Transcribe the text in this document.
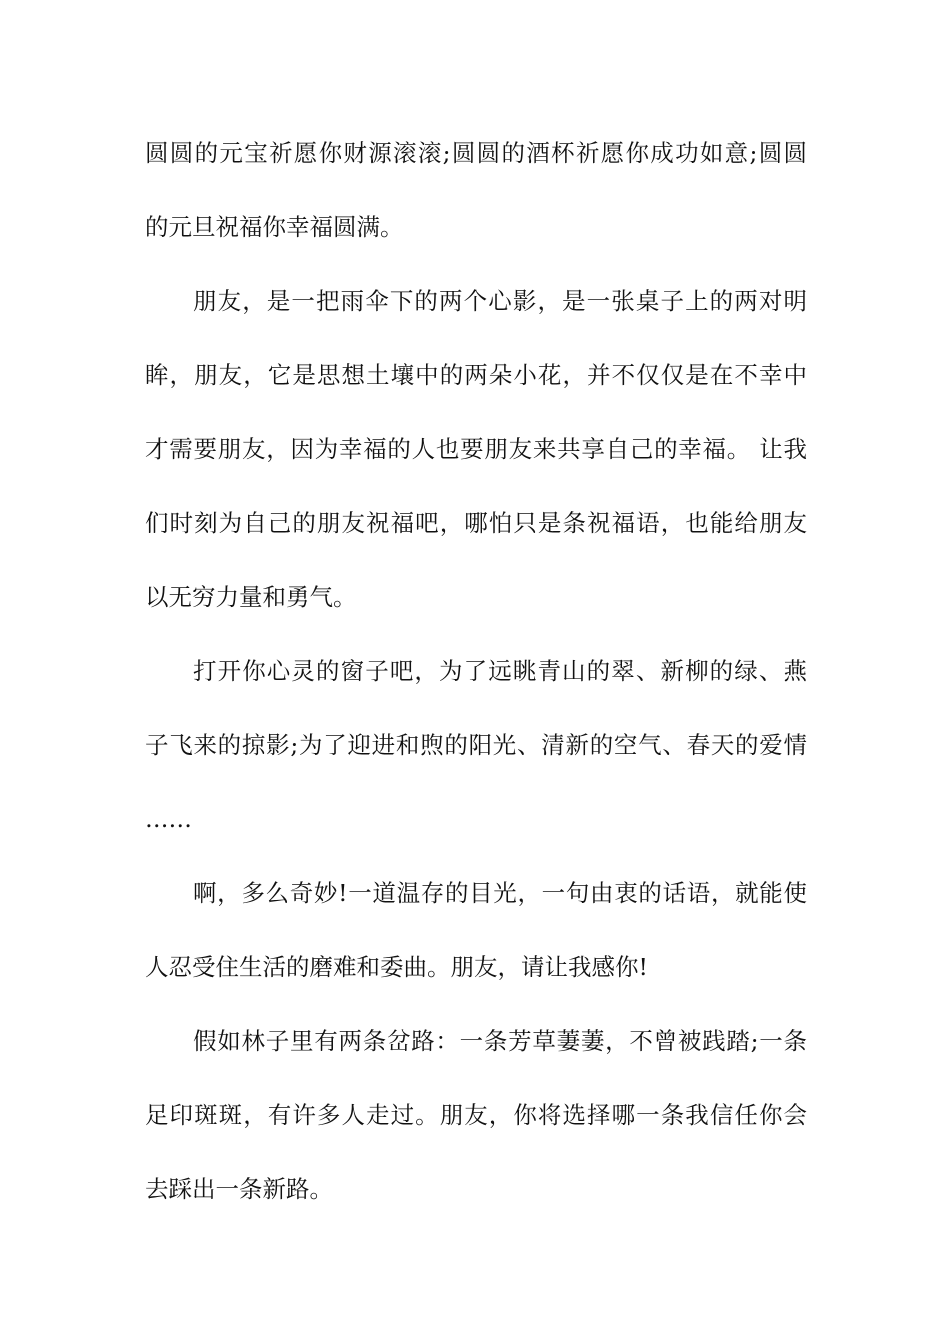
圆圆的元宝祈愿你财源滚滚;圆圆的酒杯祈愿你成功如意;圆圆
的元旦祝福你幸福圆满。
朋友，是一把雨伞下的两个心影，是一张桌子上的两对明
眸，朋友，它是思想土壤中的两朵小花，并不仅仅是在不幸中
才需要朋友，因为幸福的人也要朋友来共享自己的幸福。 让我
们时刻为自己的朋友祝福吧，哪怕只是条祝福语，也能给朋友
以无穷力量和勇气。
打开你心灵的窗子吧，为了远眺青山的翠、新柳的绿、燕
子飞来的掠影;为了迎进和煦的阳光、清新的空气、春天的爱情
……
啊，多么奇妙!一道温存的目光，一句由衷的话语，就能使
人忍受住生活的磨难和委曲。朋友，请让我感你!
假如林子里有两条岔路：一条芳草萋萋，不曾被践踏;一条
足印斑斑，有许多人走过。朋友，你将选择哪一条我信任你会
去踩出一条新路。
